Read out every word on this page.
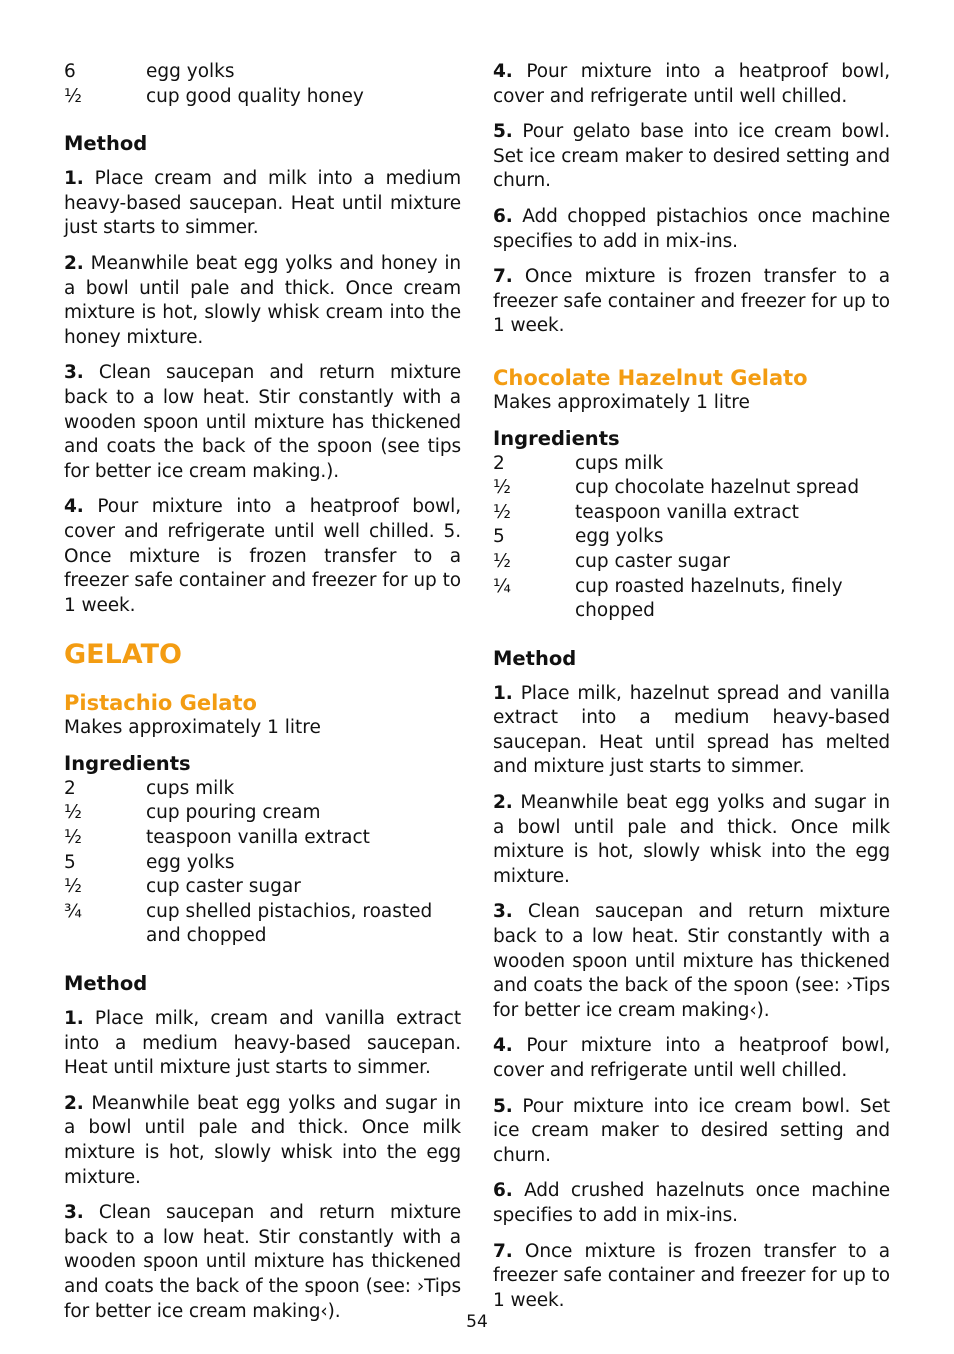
6	egg yolks
½	cup good quality honey

Method

1. Place cream and milk into a medium heavy-based saucepan. Heat until mixture just starts to simmer.

2. Meanwhile beat egg yolks and honey in a bowl until pale and thick. Once cream mixture is hot, slowly whisk cream into the honey mixture.

3. Clean saucepan and return mixture back to a low heat. Stir constantly with a wooden spoon until mixture has thickened and coats the back of the spoon (see tips for better ice cream making.).

4. Pour mixture into a heatproof bowl, cover and refrigerate until well chilled. 5. Once mixture is frozen transfer to a freezer safe container and freezer for up to 1 week.

GELATO

Pistachio Gelato

Makes approximately 1 litre

Ingredients

2	cups milk
½	cup pouring cream
½	teaspoon vanilla extract
5	egg yolks
½	cup caster sugar
¾	cup shelled pistachios, roasted and chopped

Method

1. Place milk, cream and vanilla extract into a medium heavy-based saucepan. Heat until mixture just starts to simmer.

2. Meanwhile beat egg yolks and sugar in a bowl until pale and thick. Once milk mixture is hot, slowly whisk into the egg mixture.

3. Clean saucepan and return mixture back to a low heat. Stir constantly with a wooden spoon until mixture has thickened and coats the back of the spoon (see: ›Tips for better ice cream making‹).

4. Pour mixture into a heatproof bowl, cover and refrigerate until well chilled.

5. Pour gelato base into ice cream bowl. Set ice cream maker to desired setting and churn.

6. Add chopped pistachios once machine specifies to add in mix-ins.

7. Once mixture is frozen transfer to a freezer safe container and freezer for up to 1 week.

Chocolate Hazelnut Gelato

Makes approximately 1 litre

Ingredients

2	cups milk
½	cup chocolate hazelnut spread
½	teaspoon vanilla extract
5	egg yolks
½	cup caster sugar
¼	cup roasted hazelnuts, finely chopped

Method

1. Place milk, hazelnut spread and vanilla extract into a medium heavy-based saucepan. Heat until spread has melted and mixture just starts to simmer.

2. Meanwhile beat egg yolks and sugar in a bowl until pale and thick. Once milk mixture is hot, slowly whisk into the egg mixture.

3. Clean saucepan and return mixture back to a low heat. Stir constantly with a wooden spoon until mixture has thickened and coats the back of the spoon (see: ›Tips for better ice cream making‹).

4. Pour mixture into a heatproof bowl, cover and refrigerate until well chilled.

5. Pour mixture into ice cream bowl. Set ice cream maker to desired setting and churn.

6. Add crushed hazelnuts once machine specifies to add in mix-ins.

7. Once mixture is frozen transfer to a freezer safe container and freezer for up to 1 week.

54
